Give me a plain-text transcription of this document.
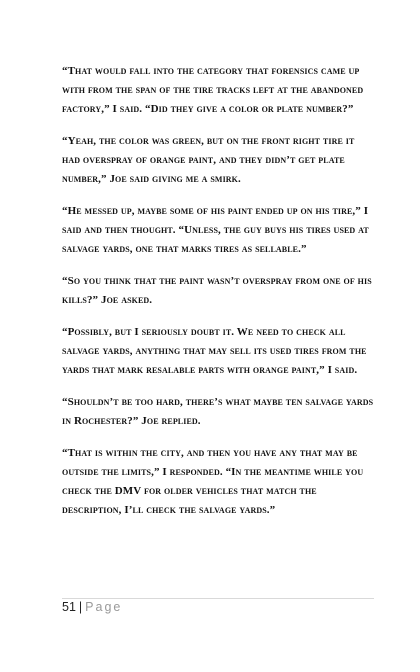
“That would fall into the category that forensics came up with from the span of the tire tracks left at the abandoned factory,” I said. “Did they give a color or plate number?”

“Yeah, the color was green, but on the front right tire it had overspray of orange paint, and they didn’t get plate number,” Joe said giving me a smirk.

“He messed up, maybe some of his paint ended up on his tire,” I said and then thought. “Unless, the guy buys his tires used at salvage yards, one that marks tires as sellable.”

“So you think that the paint wasn’t overspray from one of his kills?” Joe asked.

“Possibly, but I seriously doubt it. We need to check all salvage yards, anything that may sell its used tires from the yards that mark resalable parts with orange paint,” I said.

“Shouldn’t be too hard, there’s what maybe ten salvage yards in Rochester?” Joe replied.

“That is within the city, and then you have any that may be outside the limits,” I responded. “In the meantime while you check the DMV for older vehicles that match the description, I’ll check the salvage yards.”

51 | Page
